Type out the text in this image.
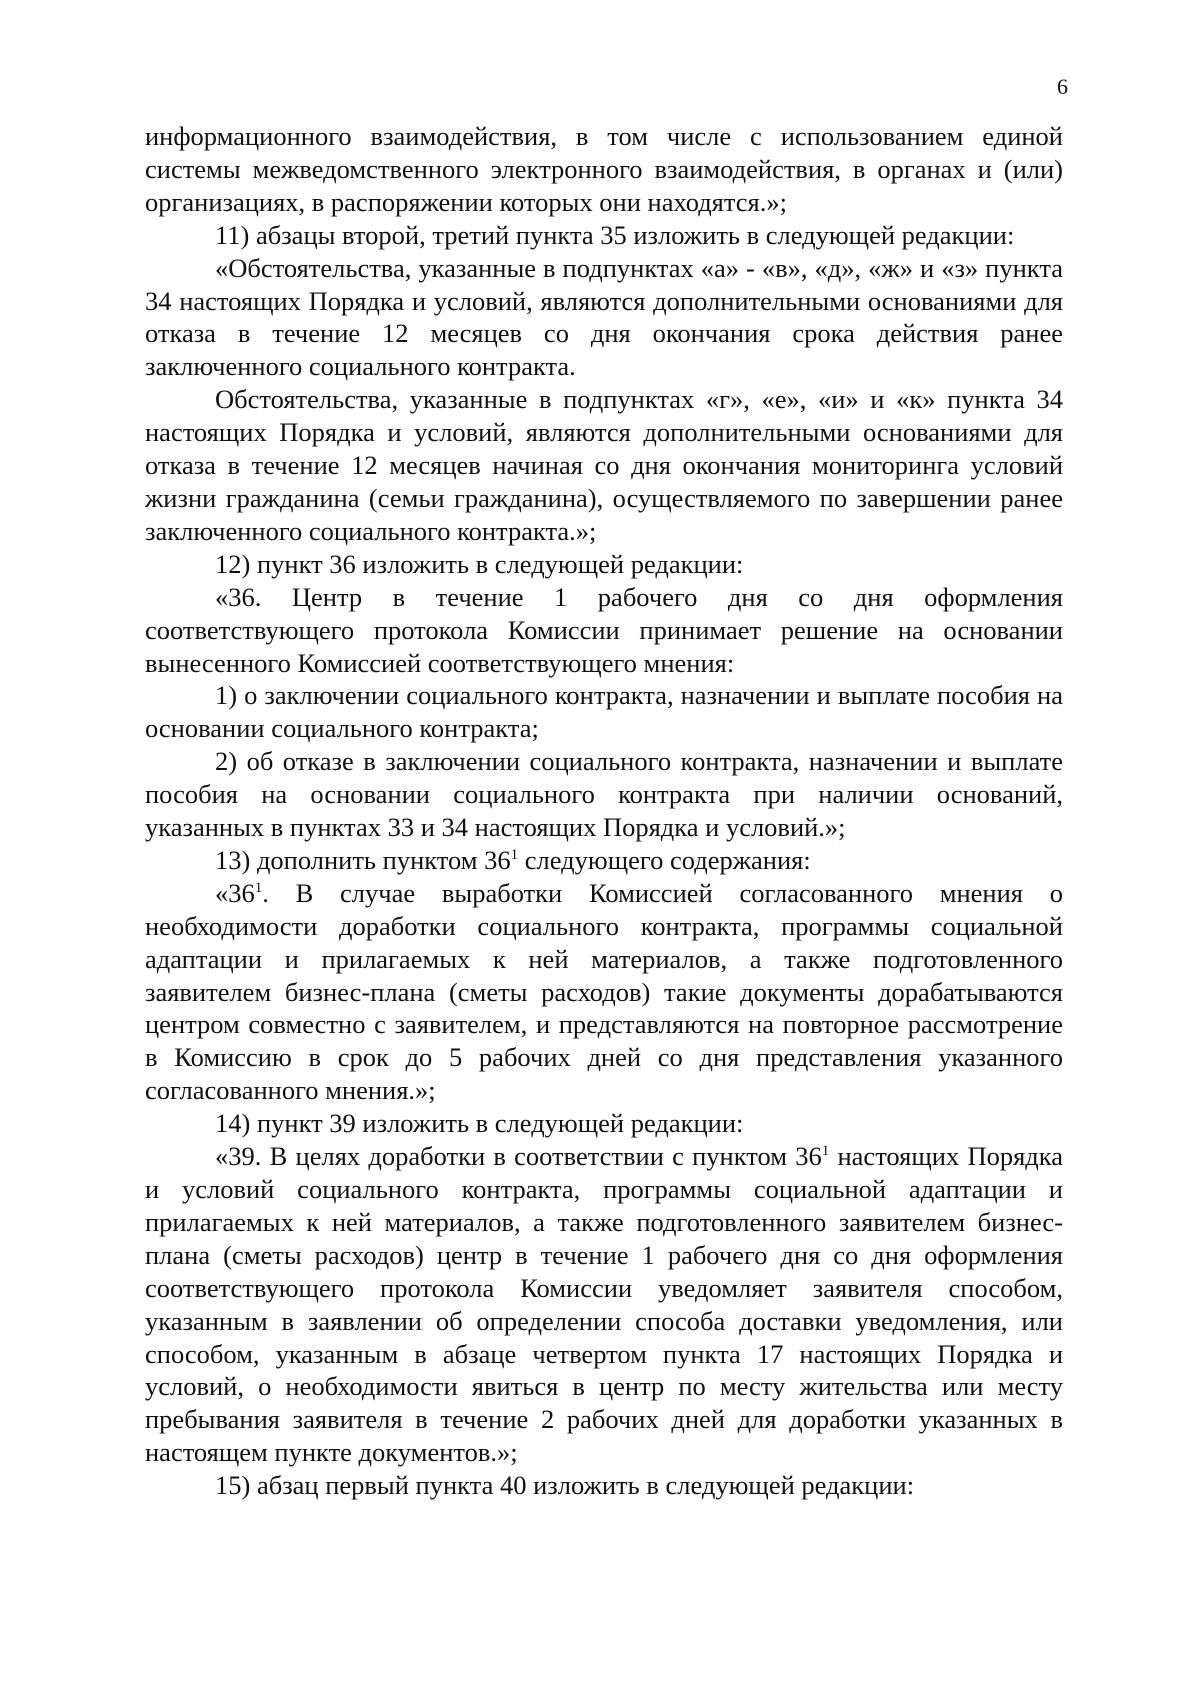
6

информационного взаимодействия, в том числе с использованием единой системы межведомственного электронного взаимодействия, в органах и (или) организациях, в распоряжении которых они находятся.»;

11) абзацы второй, третий пункта 35 изложить в следующей редакции:

«Обстоятельства, указанные в подпунктах «а» - «в», «д», «ж» и «з» пункта 34 настоящих Порядка и условий, являются дополнительными основаниями для отказа в течение 12 месяцев со дня окончания срока действия ранее заключенного социального контракта.

Обстоятельства, указанные в подпунктах «г», «е», «и» и «к» пункта 34 настоящих Порядка и условий, являются дополнительными основаниями для отказа в течение 12 месяцев начиная со дня окончания мониторинга условий жизни гражданина (семьи гражданина), осуществляемого по завершении ранее заключенного социального контракта.»;

12) пункт 36 изложить в следующей редакции:

«36. Центр в течение 1 рабочего дня со дня оформления соответствующего протокола Комиссии принимает решение на основании вынесенного Комиссией соответствующего мнения:

1) о заключении социального контракта, назначении и выплате пособия на основании социального контракта;

2) об отказе в заключении социального контракта, назначении и выплате пособия на основании социального контракта при наличии оснований, указанных в пунктах 33 и 34 настоящих Порядка и условий.»;

13) дополнить пунктом $36^1$ следующего содержания:

«$36^1$. В случае выработки Комиссией согласованного мнения о необходимости доработки социального контракта, программы социальной адаптации и прилагаемых к ней материалов, а также подготовленного заявителем бизнес-плана (сметы расходов) такие документы дорабатываются центром совместно с заявителем, и представляются на повторное рассмотрение в Комиссию в срок до 5 рабочих дней со дня представления указанного согласованного мнения.»;

14) пункт 39 изложить в следующей редакции:

«39. В целях доработки в соответствии с пунктом $36^1$ настоящих Порядка и условий социального контракта, программы социальной адаптации и прилагаемых к ней материалов, а также подготовленного заявителем бизнес-плана (сметы расходов) центр в течение 1 рабочего дня со дня оформления соответствующего протокола Комиссии уведомляет заявителя способом, указанным в заявлении об определении способа доставки уведомления, или способом, указанным в абзаце четвертом пункта 17 настоящих Порядка и условий, о необходимости явиться в центр по месту жительства или месту пребывания заявителя в течение 2 рабочих дней для доработки указанных в настоящем пункте документов.»;

15) абзац первый пункта 40 изложить в следующей редакции:
